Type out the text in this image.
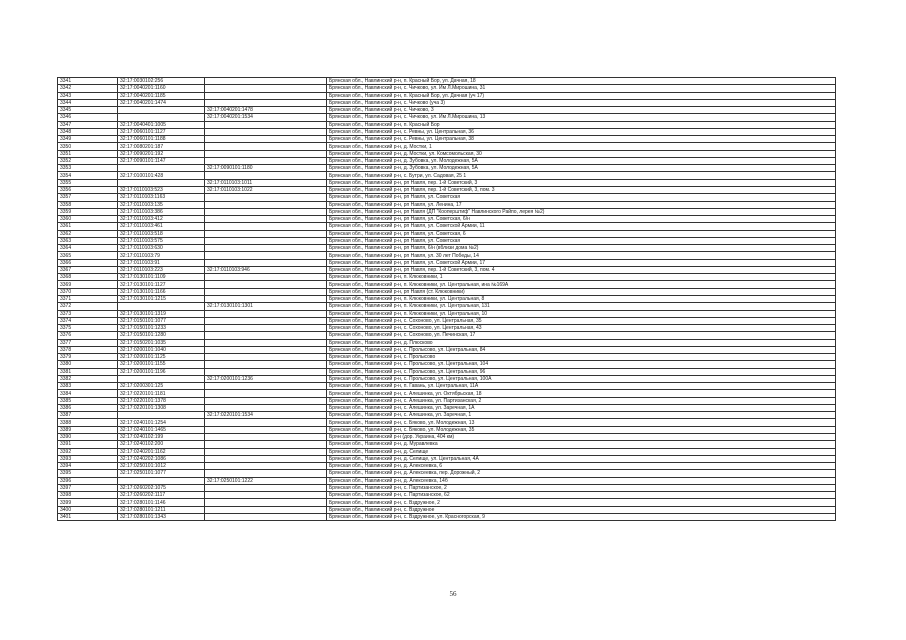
3341	32:17:0030102:256		Брянская обл., Навлинский р-н, п. Красный Бор, ул. Дачная, 18
3342	32:17:0040201:1160		Брянская обл., Навлинский р-н, с. Чичково, ул. Им Л.Мирошина, 31
3343	32:17:0040201:1185		Брянская обл., Навлинский р-н, п. Красный Бор, ул. Дачная (уч 17)
3344	32:17:0040201:1474		Брянская обл., Навлинский р-н, с. Чичково (уча 3)
3345		32:17:0040201:1478	Брянская обл., Навлинский р-н, с. Чичково, 3
3346		32:17:0040201:1534	Брянская обл., Навлинский р-н, с. Чичково, ул. Им Л.Мирошина, 13
3347	32:17:0040401:1005		Брянская обл., Навлинский р-н, п. Красный Бор
3348	32:17:0060101:1127		Брянская обл., Навлинский р-н, с. Ревны, ул. Центральная, 36
3349	32:17:0060101:1188		Брянская обл., Навлинский р-н, с. Ревны, ул. Центральная, 38
3350	32:17:0080201:187		Брянская обл., Навлинский р-н, д. Мостки, 1
3351	32:17:0090201:192		Брянская обл., Навлинский р-н, д. Мостки, ул. Комсомольская, 30
3352	32:17:0090101:1147		Брянская обл., Навлинский р-н, д. Зубовка, ул. Молодежная, 5А
3353		32:17:0090101:1180	Брянская обл., Навлинский р-н, д. Зубовка, ул. Молодежная, 5А
3354	32:17:0100101:428		Брянская обл., Навлинский р-н, с. Бутри, ул. Садовая, 25 1
3355		32:17:0110103:1011	Брянская обл., Навлинский р-н, рп Навля, пер. 1-й Советский, 3
3356	32:17:0110103:523	32:17:0110103:1022	Брянская обл., Навлинский р-н, рп Навля, пер. 1-й Советский, 3, пом. 3
3357	32:17:0110103:1163		Брянская обл., Навлинский р-н, рп Навля, ул. Советская
3358	32:17:0110103:135		Брянская обл., Навлинский р-н, рп Навля, ул. Ленина, 17
3359	32:17:0110103:386		Брянская обл., Навлинский р-н, рп Навля (ДП "Кооперштиф" Навлинского Райпо, лерея №2)
3360	32:17:0110103:412		Брянская обл., Навлинский р-н, рп Навля, ул. Советская, 6/н
3361	32:17:0110103:461		Брянская обл., Навлинский р-н, рп Навля, ул. Советской Армии, 11
3362	32:17:0110103:518		Брянская обл., Навлинский р-н, рп Навля, ул. Советская, 6
3363	32:17:0110103:575		Брянская обл., Навлинский р-н, рп Навля, ул. Советская
3364	32:17:0110103:630		Брянская обл., Навлинский р-н, рп Навля, 6/н (вблизи дома №2)
3365	32:17:0110103:79		Брянская обл., Навлинский р-н, рп Навля, ул. 30 лет Победы, 14
3366	32:17:0110103:91		Брянская обл., Навлинский р-н, рп Навля, ул. Советской Армии, 17
3367	32:17:0110103:223	32:17:0110103:946	Брянская обл., Навлинский р-н, рп Навля, пер. 1-й Советский, 3, пом. 4
3368	32:17:0130101:1109		Брянская обл., Навлинский р-н, п. Клюковники, 1
3369	32:17:0130101:1127		Брянская обл., Навлинский р-н, п. Клюковники, ул. Центральная, ина №169А
3370	32:17:0130101:1166		Брянская обл., Навлинский р-н, рп Навля (ст. Клюковники)
3371	32:17:0130101:1215		Брянская обл., Навлинский р-н, п. Клюковники, ул. Центральная, 8
3372		32:17:0130101:1301	Брянская обл., Навлинский р-н, п. Клюковники, ул. Центральная, 131
3373	32:17:0130101:1319		Брянская обл., Навлинский р-н, п. Клюковники, ул. Центральная, 10
3374	32:17:0150101:1077		Брянская обл., Навлинский р-н, с. Сохоново, ул. Центральная, 35
3375	32:17:0150101:1233		Брянская обл., Навлинский р-н, с. Сохоново, ул. Центральная, 43
3376	32:17:0150101:1280		Брянская обл., Навлинский р-н, с. Сохоново, ул. Печинская, 17
3377	32:17:0150201:1035		Брянская обл., Навлинский р-н, д. Плюсково
3378	32:17:0200101:1040		Брянская обл., Навлинский р-н, с. Пролысово, ул. Центральная, 84
3379	32:17:0200101:1125		Брянская обл., Навлинский р-н, с. Пролысово
3380	32:17:0200101:1155		Брянская обл., Навлинский р-н, с. Пролысово, ул. Центральная, 104
3381	32:17:0200101:1196		Брянская обл., Навлинский р-н, с. Пролысово, ул. Центральная, 96
3382		32:17:0200101:1236	Брянская обл., Навлинский р-н, с. Пролысово, ул. Центральная, 100А
3383	32:17:0200301:125		Брянская обл., Навлинский р-н, п. Гавань, ул. Центральная, 11А
3384	32:17:0220101:1181		Брянская обл., Навлинский р-н, с. Алешинка, ул. Октябрьская, 18
3385	32:17:0220101:1378		Брянская обл., Навлинский р-н, с. Алешинка, ул. Партизанская, 2
3386	32:17:0220101:1308		Брянская обл., Навлинский р-н, с. Алешинка, ул. Заречная, 1А
3387		32:17:0220101:1534	Брянская обл., Навлинский р-н, с. Алешинка, ул. Заречная, 1
3388	32:17:0240101:1254		Брянская обл., Навлинский р-н, с. Бяково, ул. Молодежная, 13
3389	32:17:0240101:1465		Брянская обл., Навлинский р-н, с. Бяково, ул. Молодежная, 35
3390	32:17:0240102:199		Брянская обл., Навлинский р-н (дор. Украина, 404 км)
3391	32:17:0240102:200		Брянская обл., Навлинский р-н, д. Муравлевка
3392	32:17:0240201:1162		Брянская обл., Навлинский р-н, д. Селище
3393	32:17:0240202:1086		Брянская обл., Навлинский р-н, д. Селище, ул. Центральная, 4А
3394	32:17:0250101:1012		Брянская обл., Навлинский р-н, д. Алексеевка, 6
3395	32:17:0250101:1077		Брянская обл., Навлинский р-н, д. Алексеевка, пер. Дорожный, 2
3396		32:17:0250101:1222	Брянская обл., Навлинский р-н, д. Алексеевка, 14б
3397	32:17:0260202:1075		Брянская обл., Навлинский р-н, с. Партизанское, 2
3398	32:17:0260202:1117		Брянская обл., Навлинский р-н, с. Партизанское, 62
3399	32:17:0280101:1146		Брянская обл., Навлинский р-н, с. Вздружное, 2
3400	32:17:0280101:1211		Брянская обл., Навлинский р-н, с. Вздружное
3401	32:17:0280101:1343		Брянская обл., Навлинский р-н, с. Вздружное, ул. Красногорская, 9
56
